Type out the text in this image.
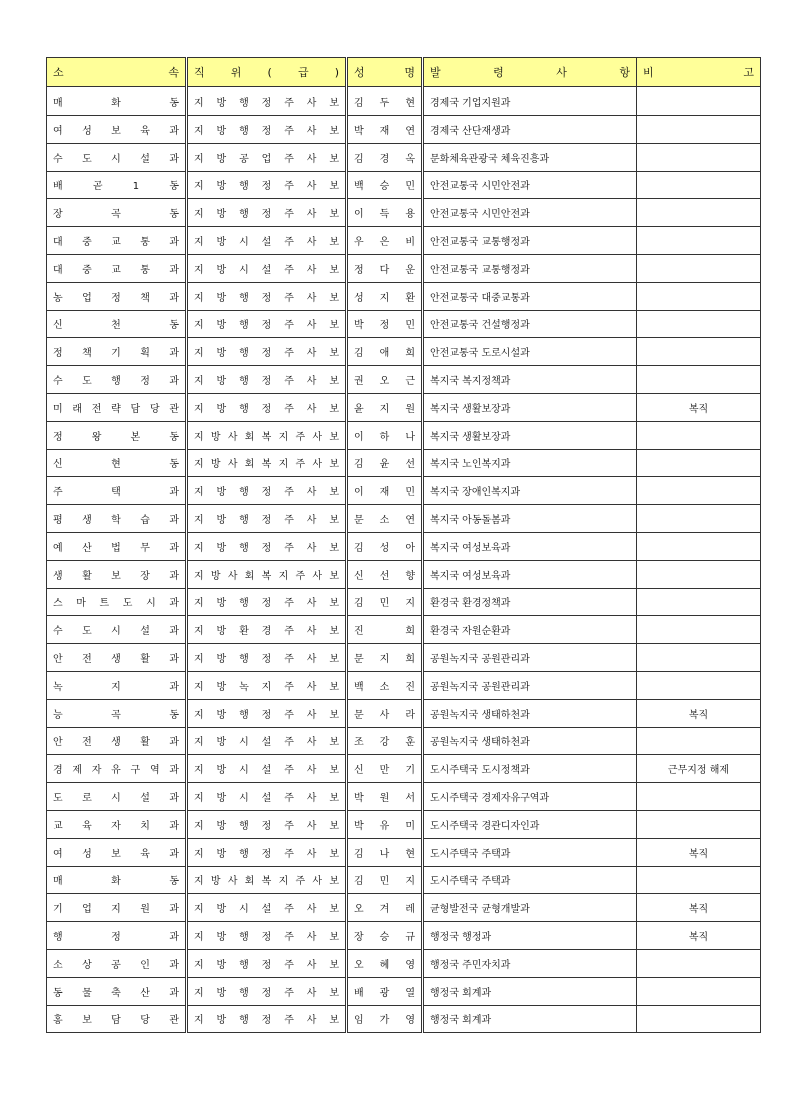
소 속	직 위 ( 급 )	성 명	발 령 사 항	비 고
매 화 동	지 방 행 정 주 사 보	김 두 현	경제국 기업지원과	
여 성 보 육 과	지 방 행 정 주 사 보	박 재 연	경제국 산단재생과	
수 도 시 설 과	지 방 공 업 주 사 보	김 경 옥	문화체육관광국 체육진흥과	
배 곧 1 동	지 방 행 정 주 사 보	백 승 민	안전교통국 시민안전과	
장 곡 동	지 방 행 정 주 사 보	이 득 용	안전교통국 시민안전과	
대 중 교 통 과	지 방 시 설 주 사 보	우 은 비	안전교통국 교통행정과	
대 중 교 통 과	지 방 시 설 주 사 보	정 다 운	안전교통국 교통행정과	
농 업 정 책 과	지 방 행 정 주 사 보	성 지 환	안전교통국 대중교통과	
신 천 동	지 방 행 정 주 사 보	박 정 민	안전교통국 건설행정과	
정 책 기 획 과	지 방 행 정 주 사 보	김 애 희	안전교통국 도로시설과	
수 도 행 정 과	지 방 행 정 주 사 보	권 오 근	복지국 복지정책과	
미 래 전 략 담 당 관	지 방 행 정 주 사 보	윤 지 원	복지국 생활보장과	복직
정 왕 본 동	지 방 사 회 복 지 주 사 보	이 하 나	복지국 생활보장과	
신 현 동	지 방 사 회 복 지 주 사 보	김 윤 선	복지국 노인복지과	
주 택 과	지 방 행 정 주 사 보	이 재 민	복지국 장애인복지과	
평 생 학 습 과	지 방 행 정 주 사 보	문 소 연	복지국 아동돌봄과	
예 산 법 무 과	지 방 행 정 주 사 보	김 성 아	복지국 여성보육과	
생 활 보 장 과	지 방 사 회 복 지 주 사 보	신 선 향	복지국 여성보육과	
스 마 트 도 시 과	지 방 행 정 주 사 보	김 민 지	환경국 환경정책과	
수 도 시 설 과	지 방 환 경 주 사 보	진 희	환경국 자원순환과	
안 전 생 활 과	지 방 행 정 주 사 보	문 지 희	공원녹지국 공원관리과	
녹 지 과	지 방 녹 지 주 사 보	백 소 진	공원녹지국 공원관리과	
능 곡 동	지 방 행 정 주 사 보	문 사 라	공원녹지국 생태하천과	복직
안 전 생 활 과	지 방 시 설 주 사 보	조 강 훈	공원녹지국 생태하천과	
경 제 자 유 구 역 과	지 방 시 설 주 사 보	신 만 기	도시주택국 도시정책과	근무지정 해제
도 로 시 설 과	지 방 시 설 주 사 보	박 원 서	도시주택국 경제자유구역과	
교 육 자 치 과	지 방 행 정 주 사 보	박 유 미	도시주택국 경관디자인과	
여 성 보 육 과	지 방 행 정 주 사 보	김 나 현	도시주택국 주택과	복직
매 화 동	지 방 사 회 복 지 주 사 보	김 민 지	도시주택국 주택과	
기 업 지 원 과	지 방 시 설 주 사 보	오 겨 레	균형발전국 균형개발과	복직
행 정 과	지 방 행 정 주 사 보	장 승 규	행정국 행정과	복직
소 상 공 인 과	지 방 행 정 주 사 보	오 혜 영	행정국 주민자치과	
동 물 축 산 과	지 방 행 정 주 사 보	배 광 열	행정국 회계과	
홍 보 담 당 관	지 방 행 정 주 사 보	임 가 영	행정국 회계과	
